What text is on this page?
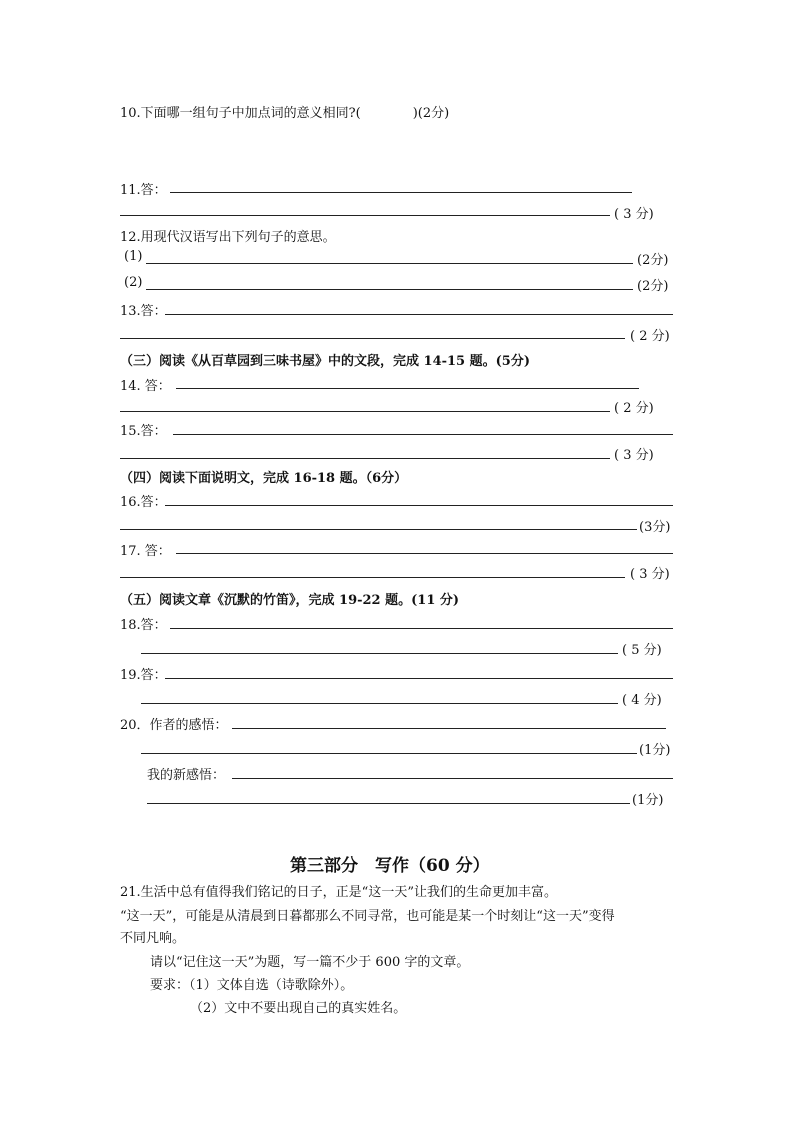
10.下面哪一组句子中加点词的意义相同?(	)(2分)
11.答：
( 3 分)
12.用现代汉语写出下列句子的意思。
(1)	(2分)
(2)	(2分)
13.答：
( 2 分)
（三）阅读《从百草园到三味书屋》中的文段，完成 14-15 题。(5分)
14. 答：
( 2 分)
15.答：
( 3 分)
（四）阅读下面说明文，完成 16-18 题。（6分）
16.答：
(3分)
17. 答：
( 3 分)
（五）阅读文章《沉默的竹笛》，完成 19-22 题。(11 分)
18.答：
( 5 分)
19.答：
( 4 分)
20．作者的感悟：
(1分)
我的新感悟：
(1分)
第三部分　写作（60 分）
21.生活中总有值得我们铭记的日子，正是“这一天”让我们的生命更加丰富。
“这一天”，可能是从清晨到日暮都那么不同寻常，也可能是某一个时刻让“这一天”变得
不同凡响。
请以“记住这一天”为题，写一篇不少于 600 字的文章。
要求：（1）文体自选（诗歌除外）。
（2）文中不要出现自己的真实姓名。
